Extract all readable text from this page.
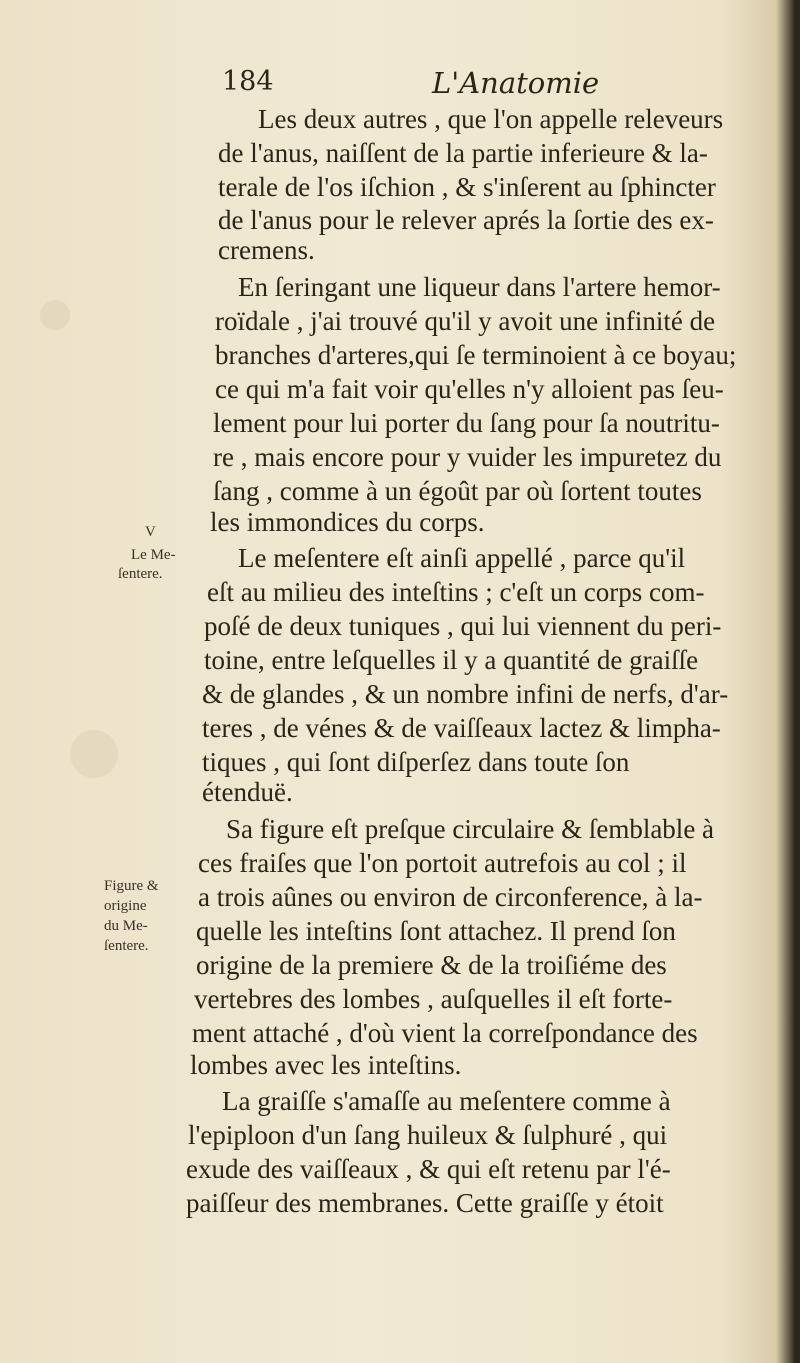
184	L'Anatomie

V

Le Me-

ſentere.

Figure &

origine

du Me-

ſentere.

Les deux autres , que l'on appelle releveurs

de l'anus, naiſſent de la partie inferieure & la-

terale de l'os iſchion , & s'inſerent au ſphincter

de l'anus pour le relever aprés la ſortie des ex-

cremens.

En ſeringant une liqueur dans l'artere hemor-

roïdale , j'ai trouvé qu'il y avoit une infinité de

branches d'arteres,qui ſe terminoient à ce boyau;

ce qui m'a fait voir qu'elles n'y alloient pas ſeu-

lement pour lui porter du ſang pour ſa noutritu-

re , mais encore pour y vuider les impuretez du

ſang , comme à un égoût par où ſortent toutes

les immondices du corps.

Le meſentere eſt ainſi appellé , parce qu'il

eſt au milieu des inteſtins ; c'eſt un corps com-

poſé de deux tuniques , qui lui viennent du peri-

toine, entre leſquelles il y a quantité de graiſſe

& de glandes , & un nombre infini de nerfs, d'ar-

teres , de vénes & de vaiſſeaux lactez & limpha-

tiques , qui ſont diſperſez dans toute ſon

étenduë.

Sa figure eſt preſque circulaire & ſemblable à

ces fraiſes que l'on portoit autrefois au col ; il

a trois aûnes ou environ de circonference, à la-

quelle les inteſtins ſont attachez. Il prend ſon

origine de la premiere & de la troiſiéme des

vertebres des lombes , auſquelles il eſt forte-

ment attaché , d'où vient la correſpondance des

lombes avec les inteſtins.

La graiſſe s'amaſſe au meſentere comme à

l'epiploon d'un ſang huileux & ſulphuré , qui

exude des vaiſſeaux , & qui eſt retenu par l'é-

paiſſeur des membranes. Cette graiſſe y étoit
